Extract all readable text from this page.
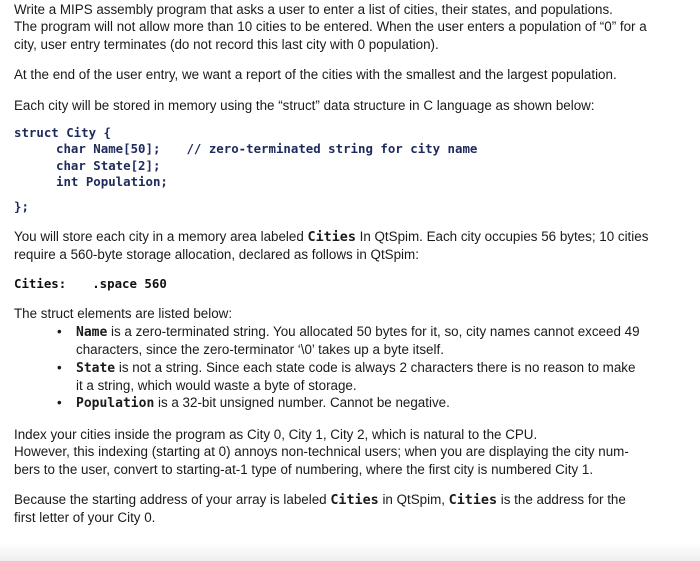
Write a MIPS assembly program that asks a user to enter a list of cities, their states, and populations.

The program will not allow more than 10 cities to be entered. When the user enters a population of “0” for a

city, user entry terminates (do not record this last city with 0 population).

At the end of the user entry, we want a report of the cities with the smallest and the largest population.

Each city will be stored in memory using the “struct” data structure in C language as shown below:

struct City {
char Name[50]; // zero-terminated string for city name
char State[2];
int Population;
};

You will store each city in a memory area labeled Cities In QtSpim. Each city occupies 56 bytes; 10 cities

require a 560-byte storage allocation, declared as follows in QtSpim:

Cities: .space 560

The struct elements are listed below:

• Name is a zero-terminated string. You allocated 50 bytes for it, so, city names cannot exceed 49

characters, since the zero-terminator ‘\0’ takes up a byte itself.

• State is not a string. Since each state code is always 2 characters there is no reason to make

it a string, which would waste a byte of storage.

• Population is a 32-bit unsigned number. Cannot be negative.

Index your cities inside the program as City 0, City 1, City 2, which is natural to the CPU.

However, this indexing (starting at 0) annoys non-technical users; when you are displaying the city num-

bers to the user, convert to starting-at-1 type of numbering, where the first city is numbered City 1.

Because the starting address of your array is labeled Cities in QtSpim, Cities is the address for the

first letter of your City 0.
